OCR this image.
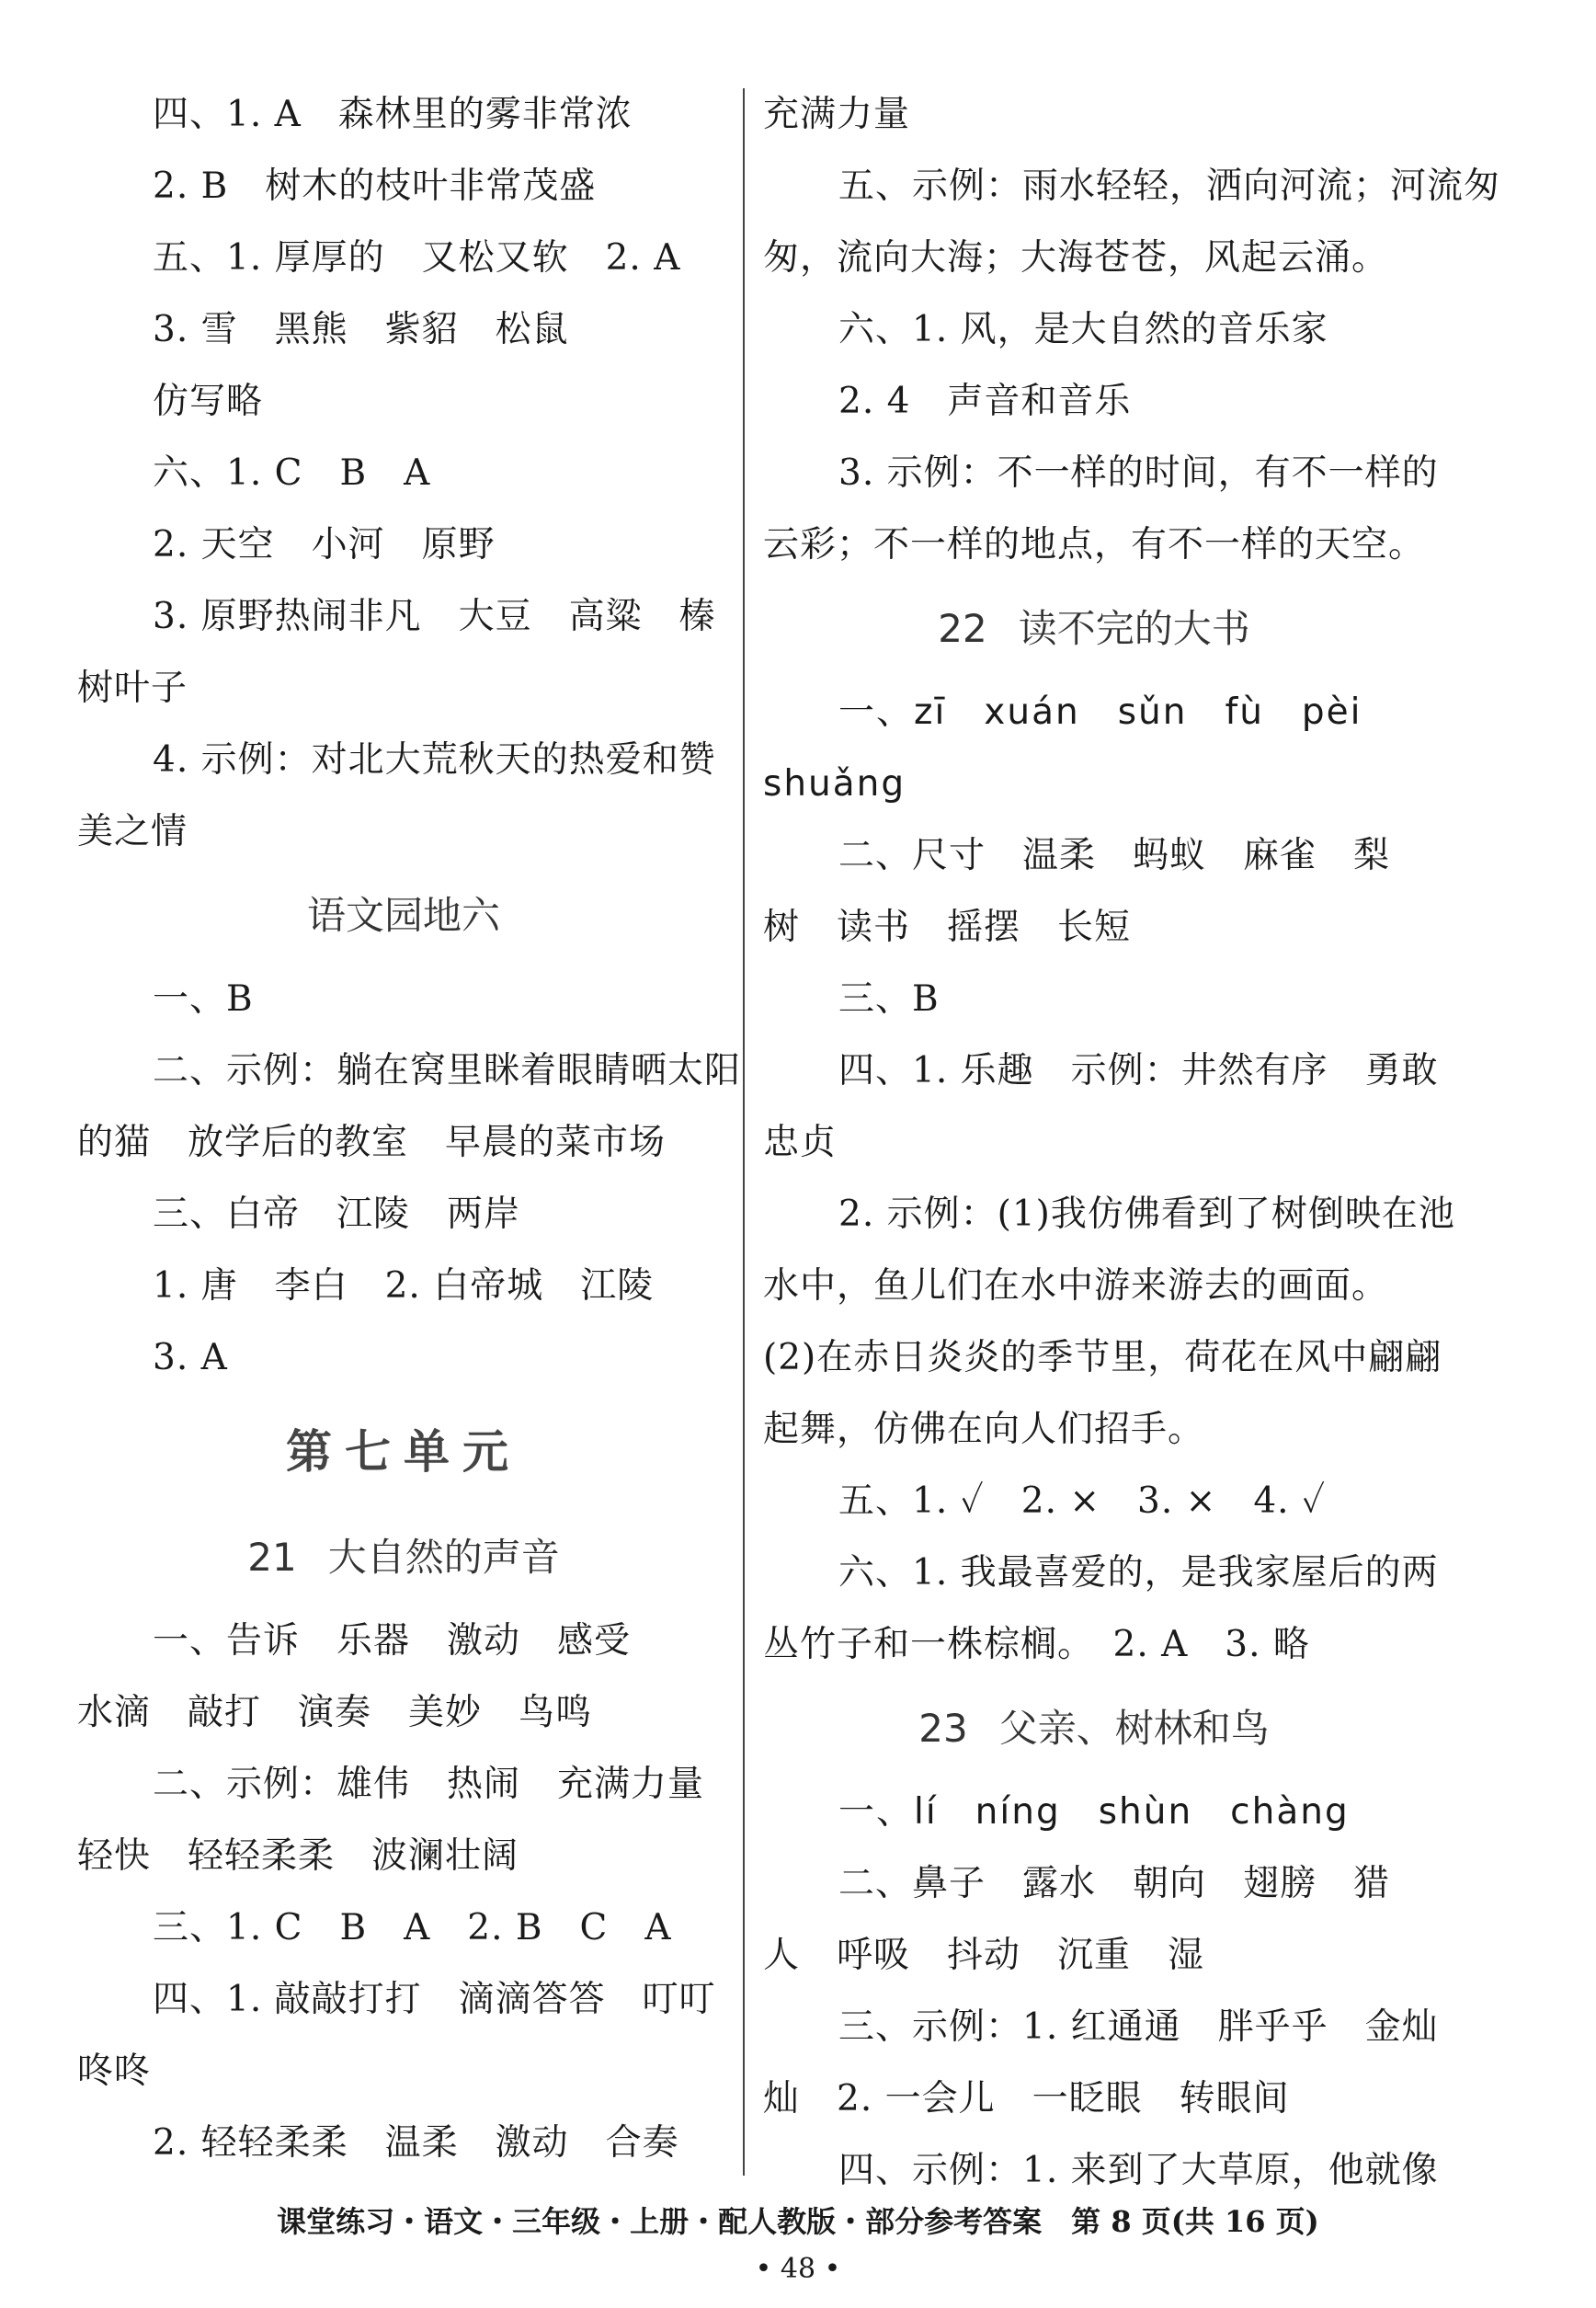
四、1. A　森林里的雾非常浓
2. B　树木的枝叶非常茂盛
五、1. 厚厚的　又松又软　2. A
3. 雪　黑熊　紫貂　松鼠
仿写略
六、1. C　B　A
2. 天空　小河　原野
3. 原野热闹非凡　大豆　高粱　榛
树叶子
4. 示例：对北大荒秋天的热爱和赞
美之情
语文园地六
一、B
二、示例：躺在窝里眯着眼睛晒太阳
的猫　放学后的教室　早晨的菜市场
三、白帝　江陵　两岸
1. 唐　李白　2. 白帝城　江陵
3. A
第七单元
21 大自然的声音
一、告诉　乐器　激动　感受
水滴　敲打　演奏　美妙　鸟鸣
二、示例：雄伟　热闹　充满力量
轻快　轻轻柔柔　波澜壮阔
三、1. C　B　A　2. B　C　A
四、1. 敲敲打打　滴滴答答　叮叮
咚咚
2. 轻轻柔柔　温柔　激动　合奏
充满力量
五、示例：雨水轻轻，洒向河流；河流匆
匆，流向大海；大海苍苍，风起云涌。
六、1. 风，是大自然的音乐家
2. 4　声音和音乐
3. 示例：不一样的时间，有不一样的
云彩；不一样的地点，有不一样的天空。
22 读不完的大书
一、zī　xuán　sǔn　fù　pèi
shuǎng
二、尺寸　温柔　蚂蚁　麻雀　梨
树　读书　摇摆　长短
三、B
四、1. 乐趣　示例：井然有序　勇敢
忠贞
2. 示例：(1)我仿佛看到了树倒映在池
水中，鱼儿们在水中游来游去的画面。
(2)在赤日炎炎的季节里，荷花在风中翩翩
起舞，仿佛在向人们招手。
五、1. ✓　2. ×　3. ×　4. ✓
六、1. 我最喜爱的，是我家屋后的两
丛竹子和一株棕榈。　2. A　3. 略
23 父亲、树林和鸟
一、lí　níng　shùn　chàng
二、鼻子　露水　朝向　翅膀　猎
人　呼吸　抖动　沉重　湿
三、示例：1. 红通通　胖乎乎　金灿
灿　2. 一会儿　一眨眼　转眼间
四、示例：1. 来到了大草原，他就像
课堂练习・语文・三年级・上册・配人教版・部分参考答案　第 8 页(共 16 页)
• 48 •
